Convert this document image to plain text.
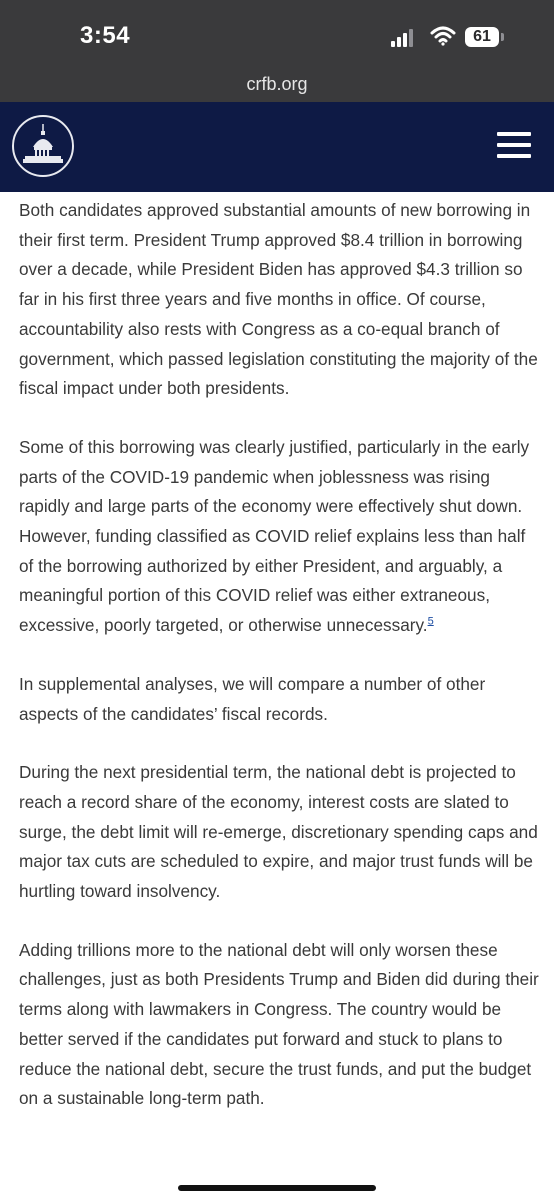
3:54	61
crfb.org

Both candidates approved substantial amounts of new borrowing in their first term. President Trump approved $8.4 trillion in borrowing over a decade, while President Biden has approved $4.3 trillion so far in his first three years and five months in office. Of course, accountability also rests with Congress as a co-equal branch of government, which passed legislation constituting the majority of the fiscal impact under both presidents.

Some of this borrowing was clearly justified, particularly in the early parts of the COVID-19 pandemic when joblessness was rising rapidly and large parts of the economy were effectively shut down. However, funding classified as COVID relief explains less than half of the borrowing authorized by either President, and arguably, a meaningful portion of this COVID relief was either extraneous, excessive, poorly targeted, or otherwise unnecessary.$^5$

In supplemental analyses, we will compare a number of other aspects of the candidates’ fiscal records.

During the next presidential term, the national debt is projected to reach a record share of the economy, interest costs are slated to surge, the debt limit will re-emerge, discretionary spending caps and major tax cuts are scheduled to expire, and major trust funds will be hurtling toward insolvency.

Adding trillions more to the national debt will only worsen these challenges, just as both Presidents Trump and Biden did during their terms along with lawmakers in Congress. The country would be better served if the candidates put forward and stuck to plans to reduce the national debt, secure the trust funds, and put the budget on a sustainable long-term path.
